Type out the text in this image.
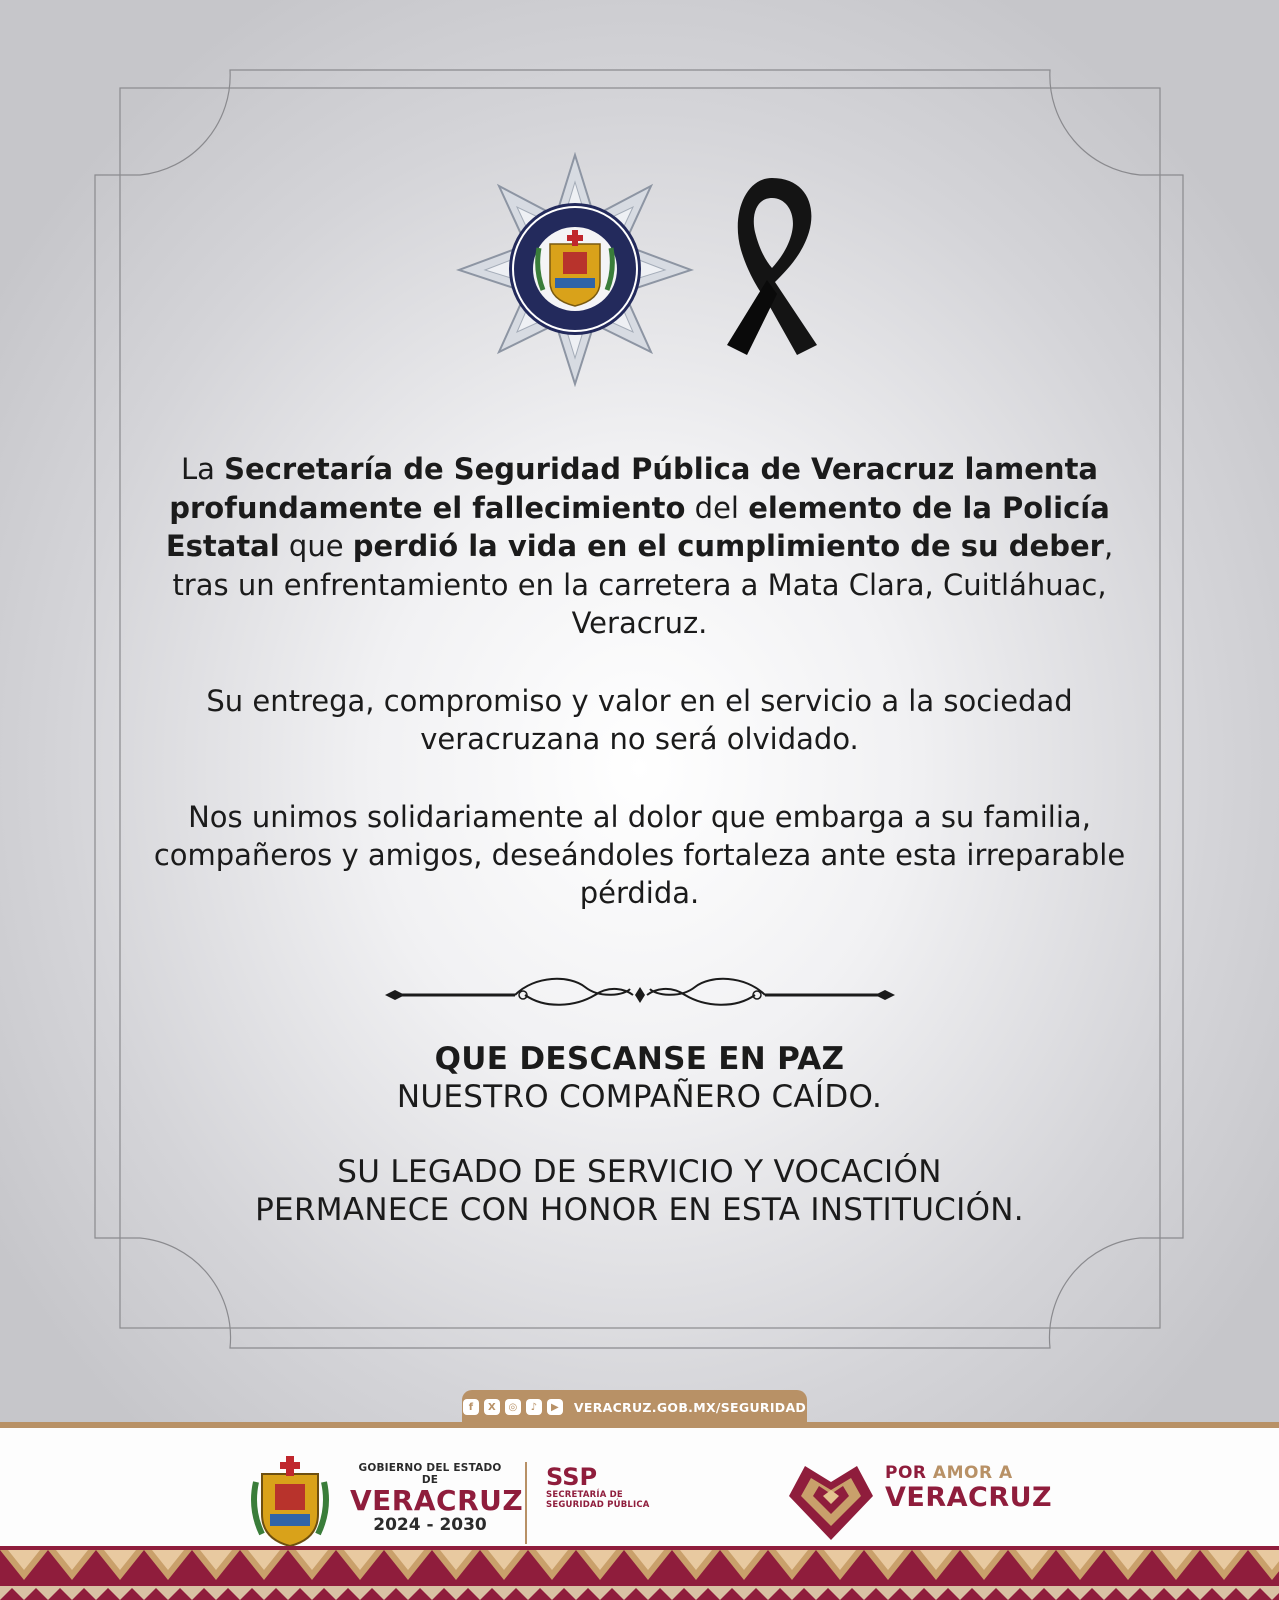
La Secretaría de Seguridad Pública de Veracruz lamenta profundamente el fallecimiento del elemento de la Policía Estatal que perdió la vida en el cumplimiento de su deber, tras un enfrentamiento en la carretera a Mata Clara, Cuitláhuac, Veracruz.
Su entrega, compromiso y valor en el servicio a la sociedad veracruzana no será olvidado.
Nos unimos solidariamente al dolor que embarga a su familia, compañeros y amigos, deseándoles fortaleza ante esta irreparable pérdida.
QUE DESCANSE EN PAZ
NUESTRO COMPAÑERO CAÍDO.
SU LEGADO DE SERVICIO Y VOCACIÓN
PERMANECE CON HONOR EN ESTA INSTITUCIÓN.
f	X	◎	♪	▶	VERACRUZ.GOB.MX/SEGURIDAD
GOBIERNO DEL ESTADO DE
VERACRUZ
2024 - 2030
SSP
SECRETARÍA DE
SEGURIDAD PÚBLICA
POR AMOR A
VERACRUZ
